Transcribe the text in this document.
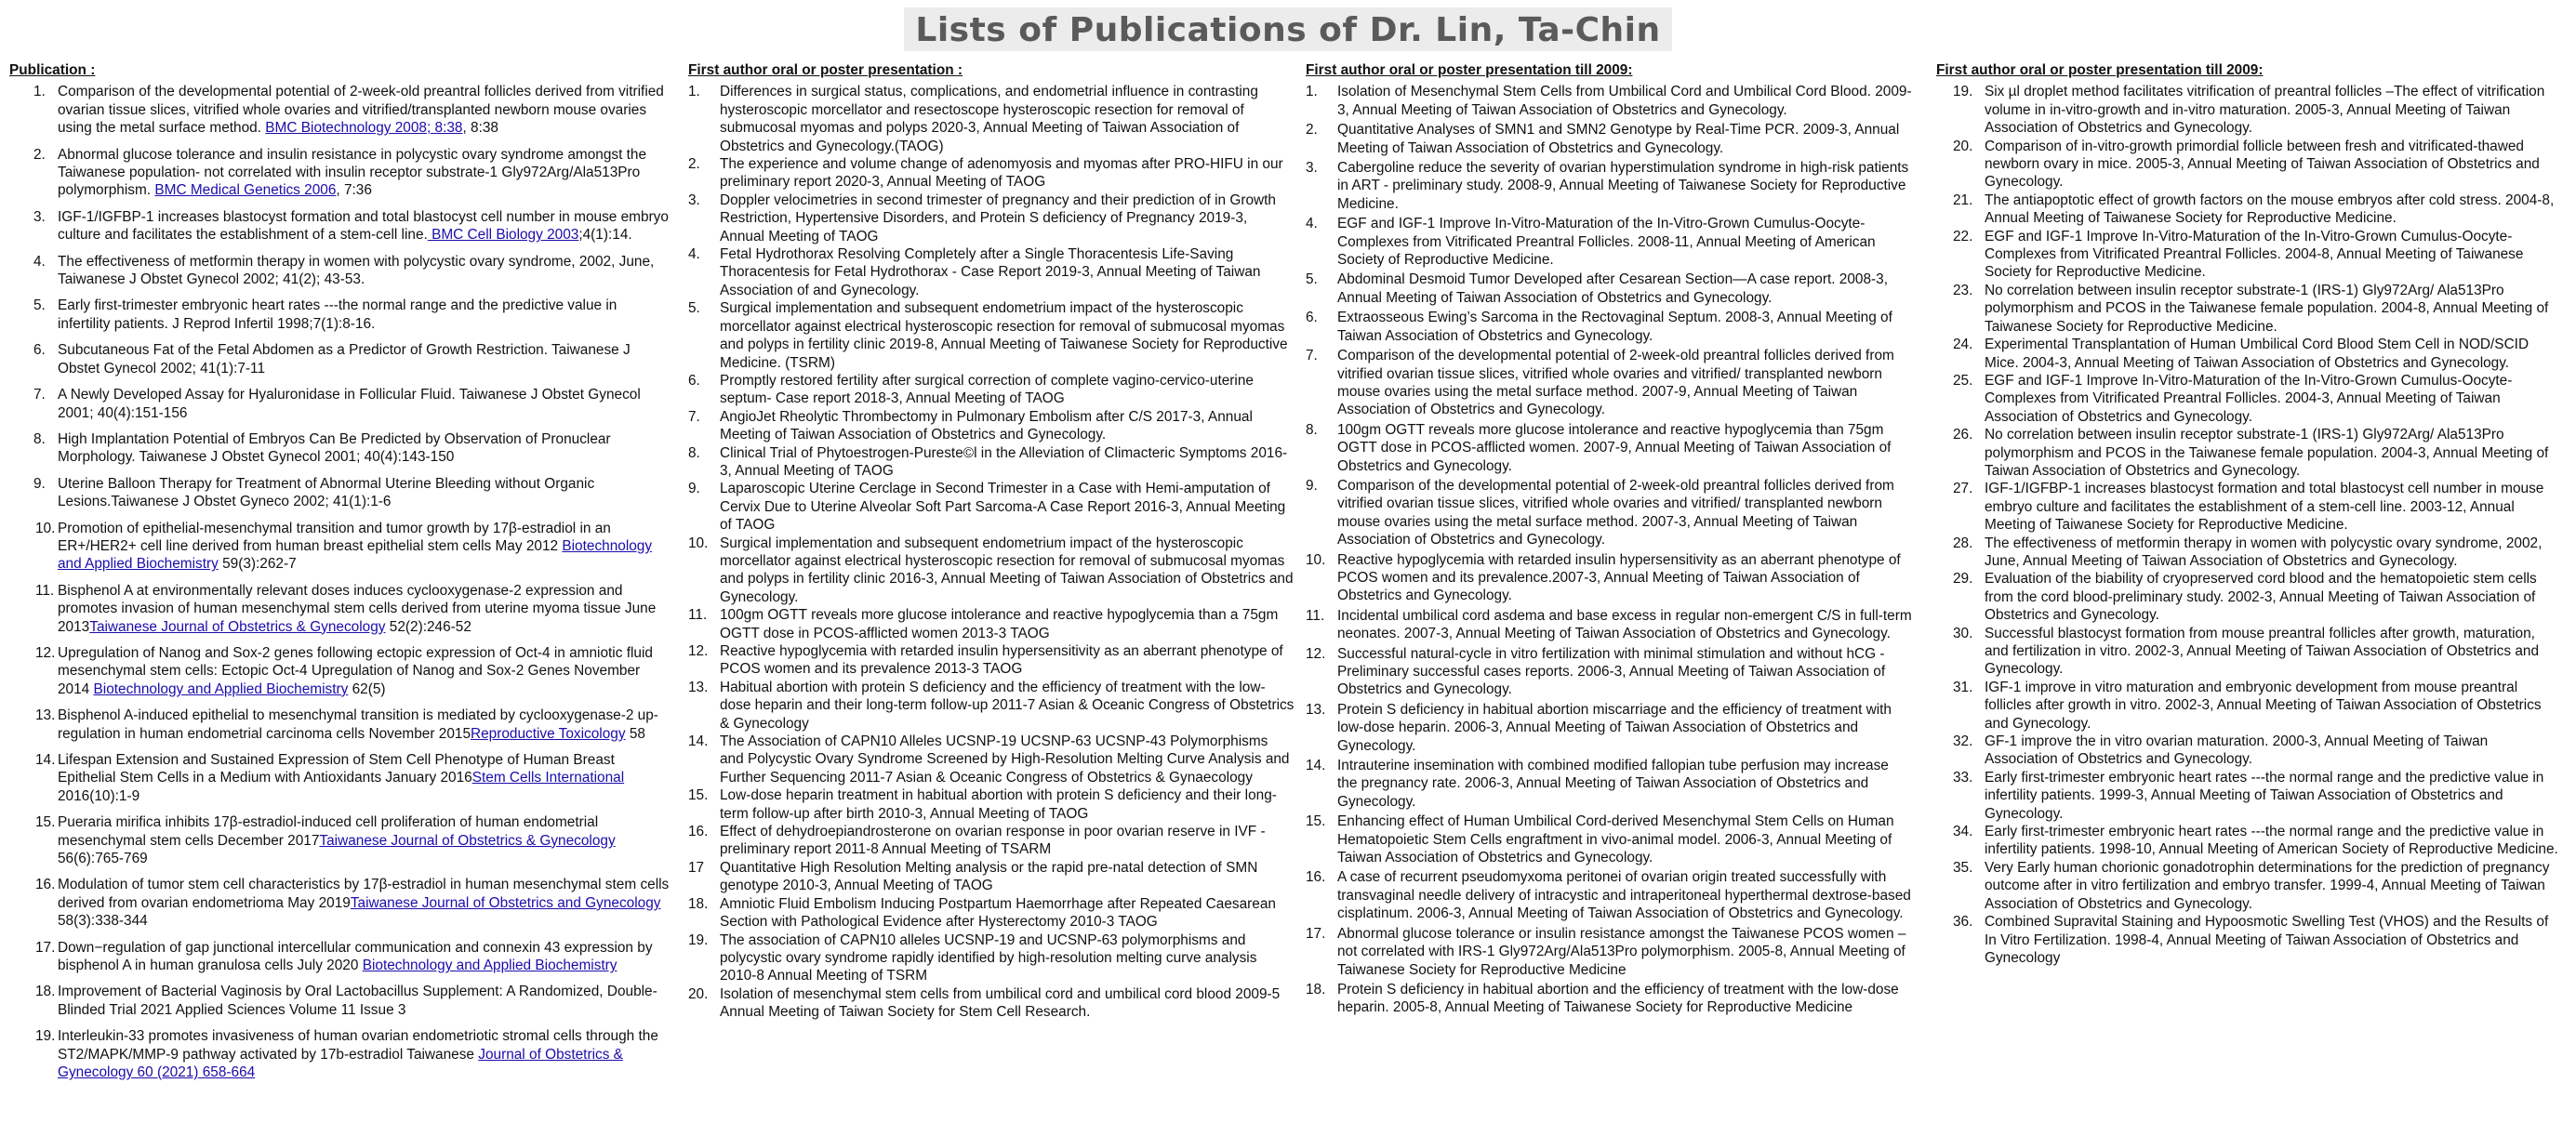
Lists of Publications of Dr. Lin, Ta-Chin
Publication :
1. Comparison of the developmental potential of 2-week-old preantral follicles derived from vitrified ovarian tissue slices, vitrified whole ovaries and vitrified/transplanted newborn mouse ovaries using the metal surface method. BMC Biotechnology 2008; 8:38, 8:38
2. Abnormal glucose tolerance and insulin resistance in polycystic ovary syndrome amongst the Taiwanese population- not correlated with insulin receptor substrate-1 Gly972Arg/Ala513Pro polymorphism. BMC Medical Genetics 2006, 7:36
3. IGF-1/IGFBP-1 increases blastocyst formation and total blastocyst cell number in mouse embryo culture and facilitates the establishment of a stem-cell line. BMC Cell Biology 2003;4(1):14.
4. The effectiveness of metformin therapy in women with polycystic ovary syndrome, 2002, June, Taiwanese J Obstet Gynecol 2002; 41(2); 43-53.
5. Early first-trimester embryonic heart rates ---the normal range and the predictive value in infertility patients. J Reprod Infertil 1998;7(1):8-16.
6. Subcutaneous Fat of the Fetal Abdomen as a Predictor of Growth Restriction. Taiwanese J Obstet Gynecol 2002; 41(1):7-11
7. A Newly Developed Assay for Hyaluronidase in Follicular Fluid. Taiwanese J Obstet Gynecol 2001; 40(4):151-156
8. High Implantation Potential of Embryos Can Be Predicted by Observation of Pronuclear Morphology. Taiwanese J Obstet Gynecol 2001; 40(4):143-150
9. Uterine Balloon Therapy for Treatment of Abnormal Uterine Bleeding without Organic Lesions.Taiwanese J Obstet Gyneco 2002; 41(1):1-6
10. Promotion of epithelial-mesenchymal transition and tumor growth by 17β-estradiol in an ER+/HER2+ cell line derived from human breast epithelial stem cells May 2012 Biotechnology and Applied Biochemistry 59(3):262-7
11. Bisphenol A at environmentally relevant doses induces cyclooxygenase-2 expression and promotes invasion of human mesenchymal stem cells derived from uterine myoma tissue June 2013Taiwanese Journal of Obstetrics & Gynecology 52(2):246-52
12. Upregulation of Nanog and Sox-2 genes following ectopic expression of Oct-4 in amniotic fluid mesenchymal stem cells: Ectopic Oct-4 Upregulation of Nanog and Sox-2 Genes November 2014 Biotechnology and Applied Biochemistry 62(5)
13. Bisphenol A-induced epithelial to mesenchymal transition is mediated by cyclooxygenase-2 up-regulation in human endometrial carcinoma cells November 2015Reproductive Toxicology 58
14. Lifespan Extension and Sustained Expression of Stem Cell Phenotype of Human Breast Epithelial Stem Cells in a Medium with Antioxidants January 2016Stem Cells International 2016(10):1-9
15. Pueraria mirifica inhibits 17β-estradiol-induced cell proliferation of human endometrial mesenchymal stem cells December 2017Taiwanese Journal of Obstetrics & Gynecology 56(6):765-769
16. Modulation of tumor stem cell characteristics by 17β-estradiol in human mesenchymal stem cells derived from ovarian endometrioma May 2019Taiwanese Journal of Obstetrics and Gynecology 58(3):338-344
17. Down−regulation of gap junctional intercellular communication and connexin 43 expression by bisphenol A in human granulosa cells July 2020 Biotechnology and Applied Biochemistry
18. Improvement of Bacterial Vaginosis by Oral Lactobacillus Supplement: A Randomized, Double-Blinded Trial 2021 Applied Sciences Volume 11 Issue 3
19. Interleukin-33 promotes invasiveness of human ovarian endometriotic stromal cells through the ST2/MAPK/MMP-9 pathway activated by 17b-estradiol Taiwanese Journal of Obstetrics & Gynecology 60 (2021) 658-664
First author oral or poster presentation :
1. Differences in surgical status, complications, and endometrial influence in contrasting hysteroscopic morcellator and resectoscope hysteroscopic resection for removal of submucosal myomas and polyps 2020-3, Annual Meeting of Taiwan Association of Obstetrics and Gynecology.(TAOG)
2. The experience and volume change of adenomyosis and myomas after PRO-HIFU in our preliminary report 2020-3, Annual Meeting of TAOG
3. Doppler velocimetries in second trimester of pregnancy and their prediction of in Growth Restriction, Hypertensive Disorders, and Protein S deficiency of Pregnancy 2019-3, Annual Meeting of TAOG
4. Fetal Hydrothorax Resolving Completely after a Single Thoracentesis Life-Saving Thoracentesis for Fetal Hydrothorax - Case Report 2019-3, Annual Meeting of Taiwan Association of and Gynecology.
5. Surgical implementation and subsequent endometrium impact of the hysteroscopic morcellator against electrical hysteroscopic resection for removal of submucosal myomas and polyps in fertility clinic 2019-8, Annual Meeting of Taiwanese Society for Reproductive Medicine. (TSRM)
6. Promptly restored fertility after surgical correction of complete vagino-cervico-uterine septum- Case report 2018-3, Annual Meeting of TAOG
7. AngioJet Rheolytic Thrombectomy in Pulmonary Embolism after C/S 2017-3, Annual Meeting of Taiwan Association of Obstetrics and Gynecology.
8. Clinical Trial of Phytoestrogen-Pureste©l in the Alleviation of Climacteric Symptoms 2016-3, Annual Meeting of TAOG
9. Laparoscopic Uterine Cerclage in Second Trimester in a Case with Hemi-amputation of Cervix Due to Uterine Alveolar Soft Part Sarcoma-A Case Report 2016-3, Annual Meeting of TAOG
10. Surgical implementation and subsequent endometrium impact of the hysteroscopic morcellator against electrical hysteroscopic resection for removal of submucosal myomas and polyps in fertility clinic 2016-3, Annual Meeting of Taiwan Association of Obstetrics and Gynecology.
11. 100gm OGTT reveals more glucose intolerance and reactive hypoglycemia than a 75gm OGTT dose in PCOS-afflicted women 2013-3 TAOG
12. Reactive hypoglycemia with retarded insulin hypersensitivity as an aberrant phenotype of PCOS women and its prevalence 2013-3 TAOG
13. Habitual abortion with protein S deficiency and the efficiency of treatment with the low-dose heparin and their long-term follow-up 2011-7 Asian & Oceanic Congress of Obstetrics & Gynecology
14. The Association of CAPN10 Alleles UCSNP-19 UCSNP-63 UCSNP-43 Polymorphisms and Polycystic Ovary Syndrome Screened by High-Resolution Melting Curve Analysis and Further Sequencing 2011-7 Asian & Oceanic Congress of Obstetrics & Gynaecology
15. Low-dose heparin treatment in habitual abortion with protein S deficiency and their long-term follow-up after birth 2010-3, Annual Meeting of TAOG
16. Effect of dehydroepiandrosterone on ovarian response in poor ovarian reserve in IVF - preliminary report 2011-8 Annual Meeting of TSARM
17 Quantitative High Resolution Melting analysis or the rapid pre-natal detection of SMN genotype 2010-3, Annual Meeting of TAOG
18. Amniotic Fluid Embolism Inducing Postpartum Haemorrhage after Repeated Caesarean Section with Pathological Evidence after Hysterectomy 2010-3 TAOG
19. The association of CAPN10 alleles UCSNP-19 and UCSNP-63 polymorphisms and polycystic ovary syndrome rapidly identified by high-resolution melting curve analysis 2010-8 Annual Meeting of TSRM
20. Isolation of mesenchymal stem cells from umbilical cord and umbilical cord blood 2009-5 Annual Meeting of Taiwan Society for Stem Cell Research.
First author oral or poster presentation till 2009:
1. Isolation of Mesenchymal Stem Cells from Umbilical Cord and Umbilical Cord Blood. 2009-3, Annual Meeting of Taiwan Association of Obstetrics and Gynecology.
2. Quantitative Analyses of SMN1 and SMN2 Genotype by Real-Time PCR. 2009-3, Annual Meeting of Taiwan Association of Obstetrics and Gynecology.
3. Cabergoline reduce the severity of ovarian hyperstimulation syndrome in high-risk patients in ART - preliminary study. 2008-9, Annual Meeting of Taiwanese Society for Reproductive Medicine.
4. EGF and IGF-1 Improve In-Vitro-Maturation of the In-Vitro-Grown Cumulus-Oocyte-Complexes from Vitrificated Preantral Follicles. 2008-11, Annual Meeting of American Society of Reproductive Medicine.
5. Abdominal Desmoid Tumor Developed after Cesarean Section—A case report. 2008-3, Annual Meeting of Taiwan Association of Obstetrics and Gynecology.
6. Extraosseous Ewing’s Sarcoma in the Rectovaginal Septum. 2008-3, Annual Meeting of Taiwan Association of Obstetrics and Gynecology.
7. Comparison of the developmental potential of 2-week-old preantral follicles derived from vitrified ovarian tissue slices, vitrified whole ovaries and vitrified/ transplanted newborn mouse ovaries using the metal surface method. 2007-9, Annual Meeting of Taiwan Association of Obstetrics and Gynecology.
8. 100gm OGTT reveals more glucose intolerance and reactive hypoglycemia than 75gm OGTT dose in PCOS-afflicted women. 2007-9, Annual Meeting of Taiwan Association of Obstetrics and Gynecology.
9. Comparison of the developmental potential of 2-week-old preantral follicles derived from vitrified ovarian tissue slices, vitrified whole ovaries and vitrified/ transplanted newborn mouse ovaries using the metal surface method. 2007-3, Annual Meeting of Taiwan Association of Obstetrics and Gynecology.
10. Reactive hypoglycemia with retarded insulin hypersensitivity as an aberrant phenotype of PCOS women and its prevalence.2007-3, Annual Meeting of Taiwan Association of Obstetrics and Gynecology.
11. Incidental umbilical cord asdema and base excess in regular non-emergent C/S in full-term neonates. 2007-3, Annual Meeting of Taiwan Association of Obstetrics and Gynecology.
12. Successful natural-cycle in vitro fertilization with minimal stimulation and without hCG - Preliminary successful cases reports. 2006-3, Annual Meeting of Taiwan Association of Obstetrics and Gynecology.
13. Protein S deficiency in habitual abortion miscarriage and the efficiency of treatment with low-dose heparin. 2006-3, Annual Meeting of Taiwan Association of Obstetrics and Gynecology.
14. Intrauterine insemination with combined modified fallopian tube perfusion may increase the pregnancy rate. 2006-3, Annual Meeting of Taiwan Association of Obstetrics and Gynecology.
15. Enhancing effect of Human Umbilical Cord-derived Mesenchymal Stem Cells on Human Hematopoietic Stem Cells engraftment in vivo-animal model. 2006-3, Annual Meeting of Taiwan Association of Obstetrics and Gynecology.
16. A case of recurrent pseudomyxoma peritonei of ovarian origin treated successfully with transvaginal needle delivery of intracystic and intraperitoneal hyperthermal dextrose-based cisplatinum. 2006-3, Annual Meeting of Taiwan Association of Obstetrics and Gynecology.
17. Abnormal glucose tolerance or insulin resistance amongst the Taiwanese PCOS women – not correlated with IRS-1 Gly972Arg/Ala513Pro polymorphism. 2005-8, Annual Meeting of Taiwanese Society for Reproductive Medicine
18. Protein S deficiency in habitual abortion and the efficiency of treatment with the low-dose heparin. 2005-8, Annual Meeting of Taiwanese Society for Reproductive Medicine
First author oral or poster presentation till 2009:
19. Six µl droplet method facilitates vitrification of preantral follicles –The effect of vitrification volume in in-vitro-growth and in-vitro maturation. 2005-3, Annual Meeting of Taiwan Association of Obstetrics and Gynecology.
20. Comparison of in-vitro-growth primordial follicle between fresh and vitrificated-thawed newborn ovary in mice. 2005-3, Annual Meeting of Taiwan Association of Obstetrics and Gynecology.
21. The antiapoptotic effect of growth factors on the mouse embryos after cold stress. 2004-8, Annual Meeting of Taiwanese Society for Reproductive Medicine.
22. EGF and IGF-1 Improve In-Vitro-Maturation of the In-Vitro-Grown Cumulus-Oocyte-Complexes from Vitrificated Preantral Follicles. 2004-8, Annual Meeting of Taiwanese Society for Reproductive Medicine.
23. No correlation between insulin receptor substrate-1 (IRS-1) Gly972Arg/ Ala513Pro polymorphism and PCOS in the Taiwanese female population. 2004-8, Annual Meeting of Taiwanese Society for Reproductive Medicine.
24. Experimental Transplantation of Human Umbilical Cord Blood Stem Cell in NOD/SCID Mice. 2004-3, Annual Meeting of Taiwan Association of Obstetrics and Gynecology.
25. EGF and IGF-1 Improve In-Vitro-Maturation of the In-Vitro-Grown Cumulus-Oocyte-Complexes from Vitrificated Preantral Follicles. 2004-3, Annual Meeting of Taiwan Association of Obstetrics and Gynecology.
26. No correlation between insulin receptor substrate-1 (IRS-1) Gly972Arg/ Ala513Pro polymorphism and PCOS in the Taiwanese female population. 2004-3, Annual Meeting of Taiwan Association of Obstetrics and Gynecology.
27. IGF-1/IGFBP-1 increases blastocyst formation and total blastocyst cell number in mouse embryo culture and facilitates the establishment of a stem-cell line. 2003-12, Annual Meeting of Taiwanese Society for Reproductive Medicine.
28. The effectiveness of metformin therapy in women with polycystic ovary syndrome, 2002, June, Annual Meeting of Taiwan Association of Obstetrics and Gynecology.
29. Evaluation of the biability of cryopreserved cord blood and the hematopoietic stem cells from the cord blood-preliminary study. 2002-3, Annual Meeting of Taiwan Association of Obstetrics and Gynecology.
30. Successful blastocyst formation from mouse preantral follicles after growth, maturation, and fertilization in vitro. 2002-3, Annual Meeting of Taiwan Association of Obstetrics and Gynecology.
31. IGF-1 improve in vitro maturation and embryonic development from mouse preantral follicles after growth in vitro. 2002-3, Annual Meeting of Taiwan Association of Obstetrics and Gynecology.
32. GF-1 improve the in vitro ovarian maturation. 2000-3, Annual Meeting of Taiwan Association of Obstetrics and Gynecology.
33. Early first-trimester embryonic heart rates ---the normal range and the predictive value in infertility patients. 1999-3, Annual Meeting of Taiwan Association of Obstetrics and Gynecology.
34. Early first-trimester embryonic heart rates ---the normal range and the predictive value in infertility patients. 1998-10, Annual Meeting of American Society of Reproductive Medicine.
35. Very Early human chorionic gonadotrophin determinations for the prediction of pregnancy outcome after in vitro fertilization and embryo transfer. 1999-4, Annual Meeting of Taiwan Association of Obstetrics and Gynecology.
36. Combined Supravital Staining and Hypoosmotic Swelling Test (VHOS) and the Results of In Vitro Fertilization. 1998-4, Annual Meeting of Taiwan Association of Obstetrics and Gynecology
